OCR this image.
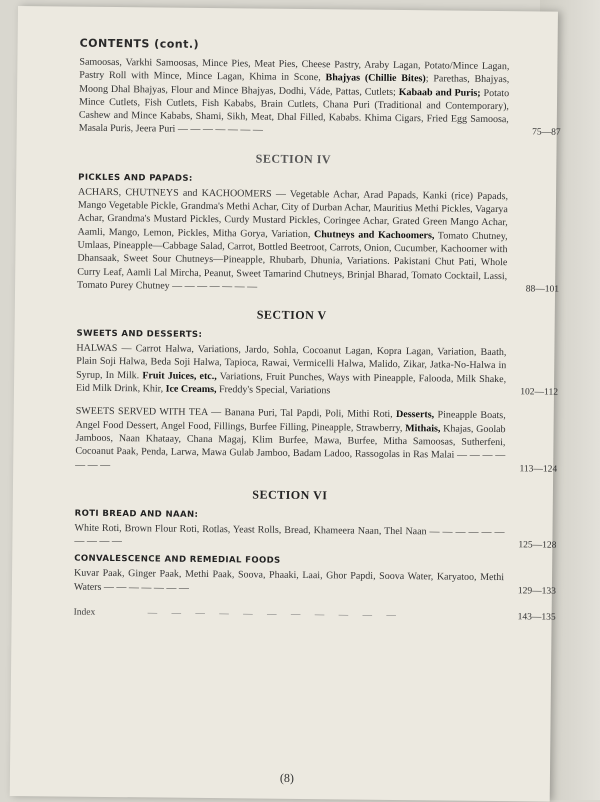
CONTENTS (cont.)
Samoosas, Varkhi Samoosas, Mince Pies, Meat Pies, Cheese Pastry, Araby Lagan, Potato/Mince Lagan, Pastry Roll with Mince, Mince Lagan, Khima in Scone, Bhajyas (Chillie Bites); Parethas, Bhajyas, Moong Dhal Bhajyas, Flour and Mince Bhajyas, Dodhi, Váde, Pattas, Cutlets; Kabaab and Puris; Potato Mince Cutlets, Fish Cutlets, Fish Kababs, Brain Cutlets, Chana Puri (Traditional and Contemporary), Cashew and Mince Kababs, Shami, Sikh, Meat, Dhal Filled, Kababs. Khima Cigars, Fried Egg Samoosa, Masala Puris, Jeera Puri — — — — — — —	75—87
SECTION IV
PICKLES AND PAPADS:
ACHARS, CHUTNEYS and KACHOOMERS — Vegetable Achar, Arad Papads, Kanki (rice) Papads, Mango Vegetable Pickle, Grandma's Methi Achar, City of Durban Achar, Mauritius Methi Pickles, Vagarya Achar, Grandma's Mustard Pickles, Curdy Mustard Pickles, Coringee Achar, Grated Green Mango Achar, Aamli, Mango, Lemon, Pickles, Mitha Gorya, Variation, Chutneys and Kachoomers, Tomato Chutney, Umlaas, Pineapple—Cabbage Salad, Carrot, Bottled Beetroot, Carrots, Onion, Cucumber, Kachoomer with Dhansaak, Sweet Sour Chutneys—Pineapple, Rhubarb, Dhunia, Variations. Pakistani Chut Pati, Whole Curry Leaf, Aamli Lal Mircha, Peanut, Sweet Tamarind Chutneys, Brinjal Bharad, Tomato Cocktail, Lassi, Tomato Purey Chutney — — — — — — —	88—101
SECTION V
SWEETS AND DESSERTS:
HALWAS — Carrot Halwa, Variations, Jardo, Sohla, Cocoanut Lagan, Kopra Lagan, Variation, Baath, Plain Soji Halwa, Beda Soji Halwa, Tapioca, Rawai, Vermicelli Halwa, Malido, Zikar, Jatka-No-Halwa in Syrup, In Milk. Fruit Juices, etc., Variations, Fruit Punches, Ways with Pineapple, Falooda, Milk Shake, Eid Milk Drink, Khir, Ice Creams, Freddy's Special, Variations	102—112
SWEETS SERVED WITH TEA — Banana Puri, Tal Papdi, Poli, Mithi Roti, Desserts, Pineapple Boats, Angel Food Dessert, Angel Food, Fillings, Burfee Filling, Pineapple, Strawberry, Mithais, Khajas, Goolab Jamboos, Naan Khataay, Chana Magaj, Klim Burfee, Mawa, Burfee, Mitha Samoosas, Sutherfeni, Cocoanut Paak, Penda, Larwa, Mawa Gulab Jamboo, Badam Ladoo, Rassogolas in Ras Malai — — — — — — —	113—124
SECTION VI
ROTI BREAD AND NAAN:
White Roti, Brown Flour Roti, Rotlas, Yeast Rolls, Bread, Khameera Naan, Thel Naan — — — — — — — — — —	125—128
CONVALESCENCE AND REMEDIAL FOODS
Kuvar Paak, Ginger Paak, Methi Paak, Soova, Phaaki, Laai, Ghor Papdi, Soova Water, Karyatoo, Methi Waters — — — — — — —	129—133
Index	— — — — — — — — — — —	143—135
(8)
